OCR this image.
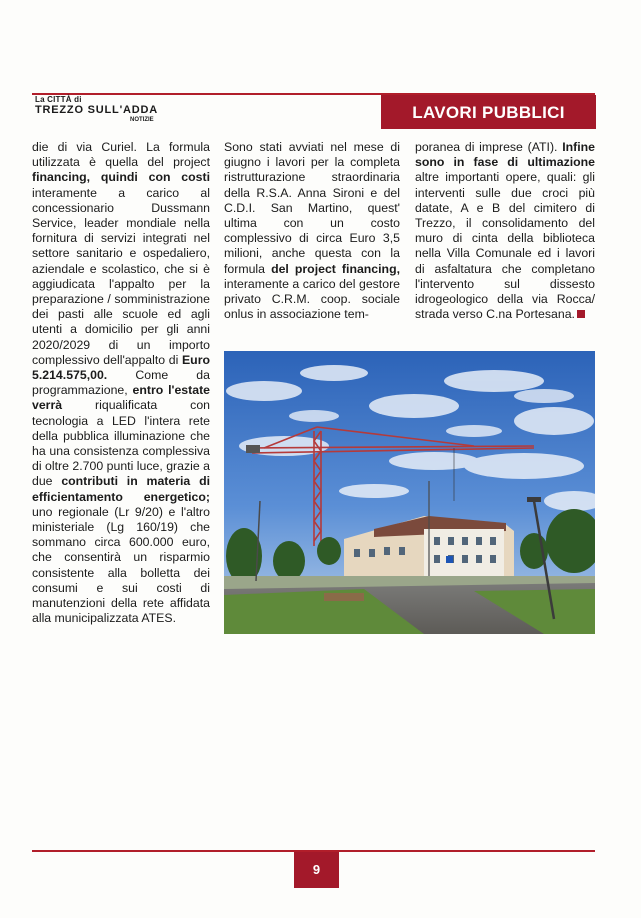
La CITTÀ di
TREZZO SULL'ADDA
NOTIZIE	LAVORI PUBBLICI

die di via Curiel. La formula utilizzata è quella del project financing, quindi con costi interamente a carico al concessionario Dussmann Service, leader mondiale nella fornitura di servizi integrati nel settore sanitario e ospedaliero, aziendale e scolastico, che si è aggiudicata l'appalto per la preparazione / somministrazione dei pasti alle scuole ed agli utenti a domicilio per gli anni 2020/2029 di un importo complessivo dell'appalto di Euro 5.214.575,00. Come da programmazione, entro l'estate verrà riqualificata con tecnologia a LED l'intera rete della pubblica illuminazione che ha una consistenza complessiva di oltre 2.700 punti luce, grazie a due contributi in materia di efficientamento energetico; uno regionale (Lr 9/20) e l'altro ministeriale (Lg 160/19) che sommano circa 600.000 euro, che consentirà un risparmio consistente alla bolletta dei consumi e sui costi di manutenzioni della rete affidata alla municipalizzata ATES.

Sono stati avviati nel mese di giugno i lavori per la completa ristrutturazione straordinaria della R.S.A. Anna Sironi e del C.D.I. San Martino, quest' ultima con un costo complessivo di circa Euro 3,5 milioni, anche questa con la formula del project financing, interamente a carico del gestore privato C.R.M. coop. sociale onlus in associazione tem-

poranea di imprese (ATI). Infine sono in fase di ultimazione altre importanti opere, quali: gli interventi sulle due croci più datate, A e B del cimitero di Trezzo, il consolidamento del muro di cinta della biblioteca nella Villa Comunale ed i lavori di asfaltatura che completano l'intervento sul dissesto idrogeologico della via Rocca/ strada verso C.na Portesana.

9
